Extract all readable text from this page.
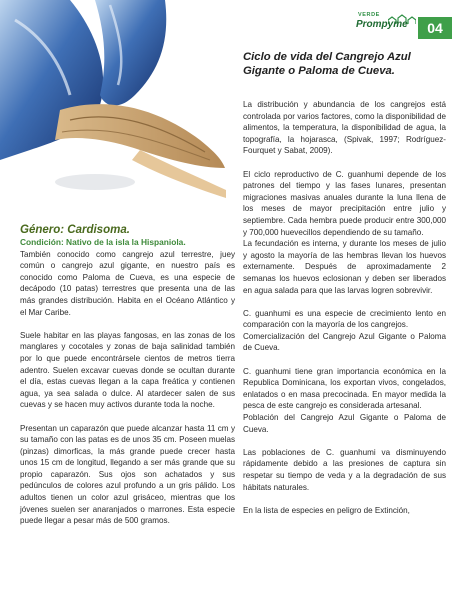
VERDE
Prompyme	04
Género: Cardisoma.
Condición: Nativo de la isla la Hispaniola.

También conocido como cangrejo azul terrestre, juey común o cangrejo azul gigante, en nuestro país es conocido como Paloma de Cueva, es una especie de decápodo (10 patas) terrestres que presenta una de las más grandes distribución. Habita en el Océano Atlántico y el Mar Caribe.

Suele habitar en las playas fangosas, en las zonas de los manglares y cocotales y zonas de baja salinidad también por lo que puede encontrársele cientos de metros tierra adentro. Suelen excavar cuevas donde se ocultan durante el día, estas cuevas llegan a la capa freática y contienen agua, ya sea salada o dulce. Al atardecer salen de sus cuevas y se hacen muy activos durante toda la noche.

Presentan un caparazón que puede alcanzar hasta 11 cm y su tamaño con las patas es de unos 35 cm. Poseen muelas (pinzas) dimorficas, la más grande puede crecer hasta unos 15 cm de longitud, llegando a ser más grande que su propio caparazón. Sus ojos son achatados y sus pedúnculos de colores azul profundo a un gris pálido. Los adultos tienen un color azul grisáceo, mientras que los jóvenes suelen ser anaranjados o marrones. Esta especie puede llegar a pesar más de 500 gramos.

Ciclo de vida del Cangrejo Azul Gigante o Paloma de Cueva.

La distribución y abundancia de los cangrejos está controlada por varios factores, como la disponibilidad de alimentos, la temperatura, la disponibilidad de agua, la topografía, la hojarasca, (Spivak, 1997; Rodríguez-Fourquet y Sabat, 2009).

El ciclo reproductivo de C. guanhumi depende de los patrones del tiempo y las fases lunares, presentan migraciones masivas anuales durante la luna llena de los meses de mayor precipitación entre julio y septiembre. Cada hembra puede producir entre 300,000 y 700,000 huevecillos dependiendo de su tamaño.

La fecundación es interna, y durante los meses de julio y agosto la mayoría de las hembras llevan los huevos externamente. Después de aproximadamente 2 semanas los huevos eclosionan y deben ser liberados en agua salada para que las larvas logren sobrevivir.

C. guanhumi es una especie de crecimiento lento en comparación con la mayoría de los cangrejos.

Comercialización del Cangrejo Azul Gigante o Paloma de Cueva.

C. guanhumi tiene gran importancia económica en la Republica Dominicana, los exportan vivos, congelados, enlatados o en masa precocinada. En mayor medida la pesca de este cangrejo es considerada artesanal.

Población del Cangrejo Azul Gigante o Paloma de Cueva.

Las poblaciones de C. guanhumi va disminuyendo rápidamente debido a las presiones de captura sin respetar su tiempo de veda y a la degradación de sus hábitats naturales.

En la lista de especies en peligro de Extinción,
